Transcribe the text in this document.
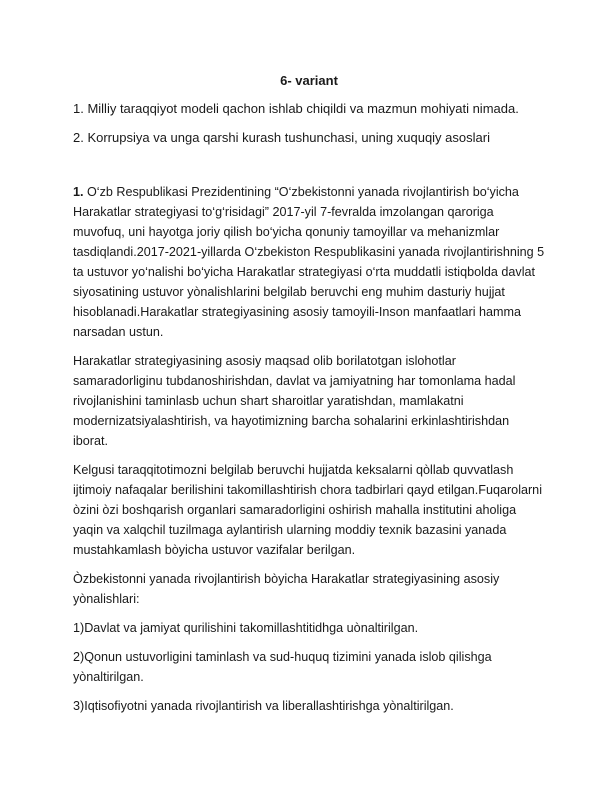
6- variant

1. Milliy taraqqiyot modeli qachon ishlab chiqildi va mazmun mohiyati nimada.

2. Korrupsiya va unga qarshi kurash tushunchasi, uning xuquqiy asoslari

1. O‘zb Respublikasi Prezidentining “O‘zbekistonni yanada rivojlantirish bo‘yicha Harakatlar strategiyasi to‘g‘risidagi” 2017-yil 7-fevralda imzolangan qaroriga muvofuq, uni hayotga joriy qilish bo‘yicha qonuniy tamoyillar va mehanizmlar tasdiqlandi.2017-2021-yillarda O‘zbekiston Respublikasini yanada rivojlantirishning 5 ta ustuvor yo‘nalishi bo‘yicha Harakatlar strategiyasi o‘rta muddatli istiqbolda davlat siyosatining ustuvor yònalishlarini belgilab beruvchi eng muhim dasturiy hujjat hisoblanadi.Harakatlar strategiyasining asosiy tamoyili-Inson manfaatlari hamma narsadan ustun.

Harakatlar strategiyasining asosiy maqsad olib borilatotgan islohotlar samaradorliginu tubdanoshirishdan, davlat va jamiyatning har tomonlama hadal rivojlanishini taminlasb uchun shart sharoitlar yaratishdan, mamlakatni modernizatsiyalashtirish, va hayotimizning barcha sohalarini erkinlashtirishdan iborat.

Kelgusi taraqqitotimozni belgilab beruvchi hujjatda keksalarni qòllab quvvatlash ijtimoiy nafaqalar berilishini takomillashtirish chora tadbirlari qayd etilgan.Fuqarolarni òzini òzi boshqarish organlari samaradorligini oshirish mahalla institutini aholiga yaqin va xalqchil tuzilmaga aylantirish ularning moddiy texnik bazasini yanada mustahkamlash bòyicha ustuvor vazifalar berilgan.

Òzbekistonni yanada rivojlantirish bòyicha Harakatlar strategiyasining asosiy yònalishlari:

1)Davlat va jamiyat qurilishini takomillashtitidhga uònaltirilgan.

2)Qonun ustuvorligini taminlash va sud-huquq tizimini yanada islob qilishga yònaltirilgan.

3)Iqtisofiyotni yanada rivojlantirish va liberallashtirishga yònaltirilgan.
